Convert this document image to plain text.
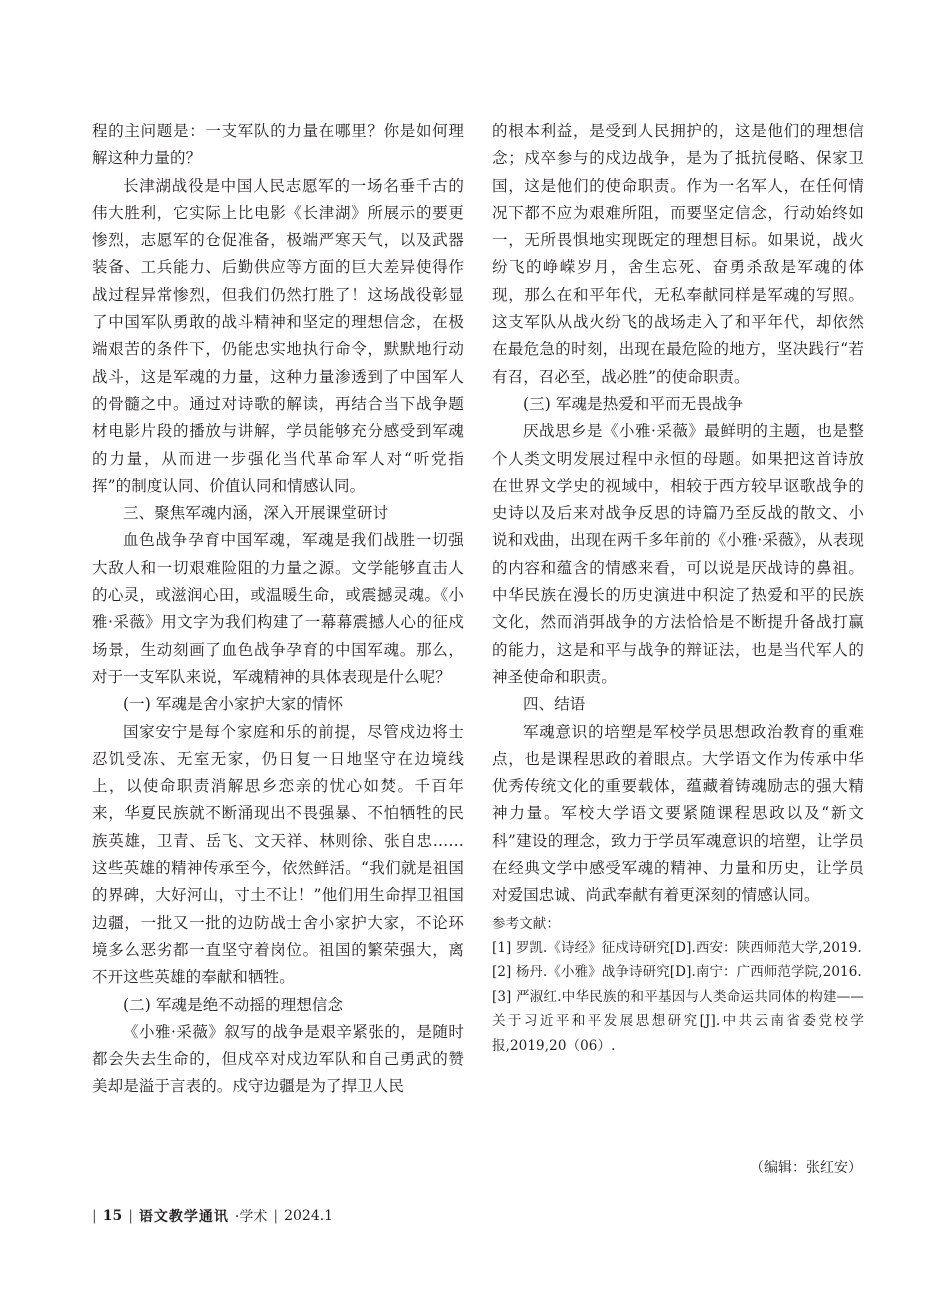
程的主问题是：一支军队的力量在哪里？你是如何理解这种力量的？

长津湖战役是中国人民志愿军的一场名垂千古的伟大胜利，它实际上比电影《长津湖》所展示的要更惨烈，志愿军的仓促准备，极端严寒天气，以及武器装备、工兵能力、后勤供应等方面的巨大差异使得作战过程异常惨烈，但我们仍然打胜了！这场战役彰显了中国军队勇敢的战斗精神和坚定的理想信念，在极端艰苦的条件下，仍能忠实地执行命令，默默地行动战斗，这是军魂的力量，这种力量渗透到了中国军人的骨髓之中。通过对诗歌的解读，再结合当下战争题材电影片段的播放与讲解，学员能够充分感受到军魂的力量，从而进一步强化当代革命军人对“听党指挥”的制度认同、价值认同和情感认同。

三、聚焦军魂内涵，深入开展课堂研讨

血色战争孕育中国军魂，军魂是我们战胜一切强大敌人和一切艰难险阻的力量之源。文学能够直击人的心灵，或滋润心田，或温暖生命，或震撼灵魂。《小雅·采薇》用文字为我们构建了一幕幕震撼人心的征戍场景，生动刻画了血色战争孕育的中国军魂。那么，对于一支军队来说，军魂精神的具体表现是什么呢？

(一) 军魂是舍小家护大家的情怀

国家安宁是每个家庭和乐的前提，尽管戍边将士忍饥受冻、无室无家，仍日复一日地坚守在边境线上，以使命职责消解思乡恋亲的忧心如焚。千百年来，华夏民族就不断涌现出不畏强暴、不怕牺牲的民族英雄，卫青、岳飞、文天祥、林则徐、张自忠……这些英雄的精神传承至今，依然鲜活。“我们就是祖国的界碑，大好河山，寸土不让！”他们用生命捍卫祖国边疆，一批又一批的边防战士舍小家护大家，不论环境多么恶劣都一直坚守着岗位。祖国的繁荣强大，离不开这些英雄的奉献和牺牲。

(二) 军魂是绝不动摇的理想信念

《小雅·采薇》叙写的战争是艰辛紧张的，是随时都会失去生命的，但戍卒对戍边军队和自己勇武的赞美却是溢于言表的。戍守边疆是为了捍卫人民

的根本利益，是受到人民拥护的，这是他们的理想信念；戍卒参与的戍边战争，是为了抵抗侵略、保家卫国，这是他们的使命职责。作为一名军人，在任何情况下都不应为艰难所阻，而要坚定信念，行动始终如一，无所畏惧地实现既定的理想目标。如果说，战火纷飞的峥嵘岁月，舍生忘死、奋勇杀敌是军魂的体现，那么在和平年代，无私奉献同样是军魂的写照。这支军队从战火纷飞的战场走入了和平年代，却依然在最危急的时刻，出现在最危险的地方，坚决践行“若有召，召必至，战必胜”的使命职责。

(三) 军魂是热爱和平而无畏战争

厌战思乡是《小雅·采薇》最鲜明的主题，也是整个人类文明发展过程中永恒的母题。如果把这首诗放在世界文学史的视域中，相较于西方较早讴歌战争的史诗以及后来对战争反思的诗篇乃至反战的散文、小说和戏曲，出现在两千多年前的《小雅·采薇》，从表现的内容和蕴含的情感来看，可以说是厌战诗的鼻祖。中华民族在漫长的历史演进中积淀了热爱和平的民族文化，然而消弭战争的方法恰恰是不断提升备战打赢的能力，这是和平与战争的辩证法，也是当代军人的神圣使命和职责。

四、结语

军魂意识的培塑是军校学员思想政治教育的重难点，也是课程思政的着眼点。大学语文作为传承中华优秀传统文化的重要载体，蕴藏着铸魂励志的强大精神力量。军校大学语文要紧随课程思政以及“新文科”建设的理念，致力于学员军魂意识的培塑，让学员在经典文学中感受军魂的精神、力量和历史，让学员对爱国忠诚、尚武奉献有着更深刻的情感认同。

参考文献：

[1] 罗凯.《诗经》征戍诗研究[D].西安：陕西师范大学,2019.

[2] 杨丹.《小雅》战争诗研究[D].南宁：广西师范学院,2016.

[3] 严淑红.中华民族的和平基因与人类命运共同体的构建——关于习近平和平发展思想研究[J].中共云南省委党校学报,2019,20（06）.

（编辑：张红安）
| 15 | 语文教学通讯 ·学术 | 2024.1
